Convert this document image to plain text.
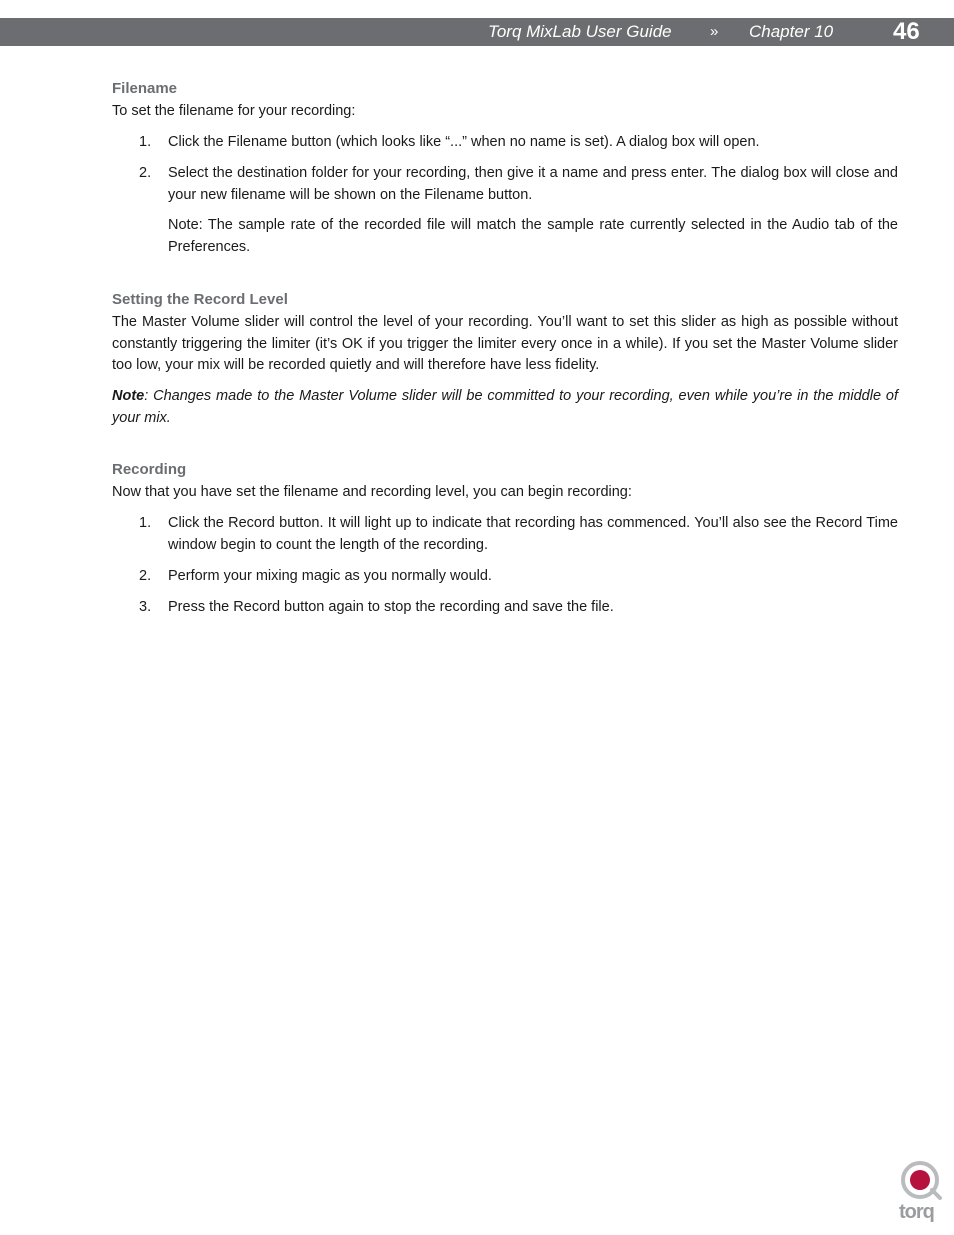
Torq MixLab User Guide	» Chapter 10 46
Filename
To set the filename for your recording:
1. Click the Filename button (which looks like “...” when no name is set). A dialog box will open.
2. Select the destination folder for your recording, then give it a name and press enter. The dialog box will close and your new filename will be shown on the Filename button.
Note: The sample rate of the recorded file will match the sample rate currently selected in the Audio tab of the Preferences.
Setting the Record Level
The Master Volume slider will control the level of your recording. You’ll want to set this slider as high as possible without constantly triggering the limiter (it’s OK if you trigger the limiter every once in a while). If you set the Master Volume slider too low, your mix will be recorded quietly and will therefore have less fidelity.
Note: Changes made to the Master Volume slider will be committed to your recording, even while you’re in the middle of your mix.
Recording
Now that you have set the filename and recording level, you can begin recording:
1. Click the Record button. It will light up to indicate that recording has commenced. You’ll also see the Record Time window begin to count the length of the recording.
2. Perform your mixing magic as you normally would.
3. Press the Record button again to stop the recording and save the file.
torq
